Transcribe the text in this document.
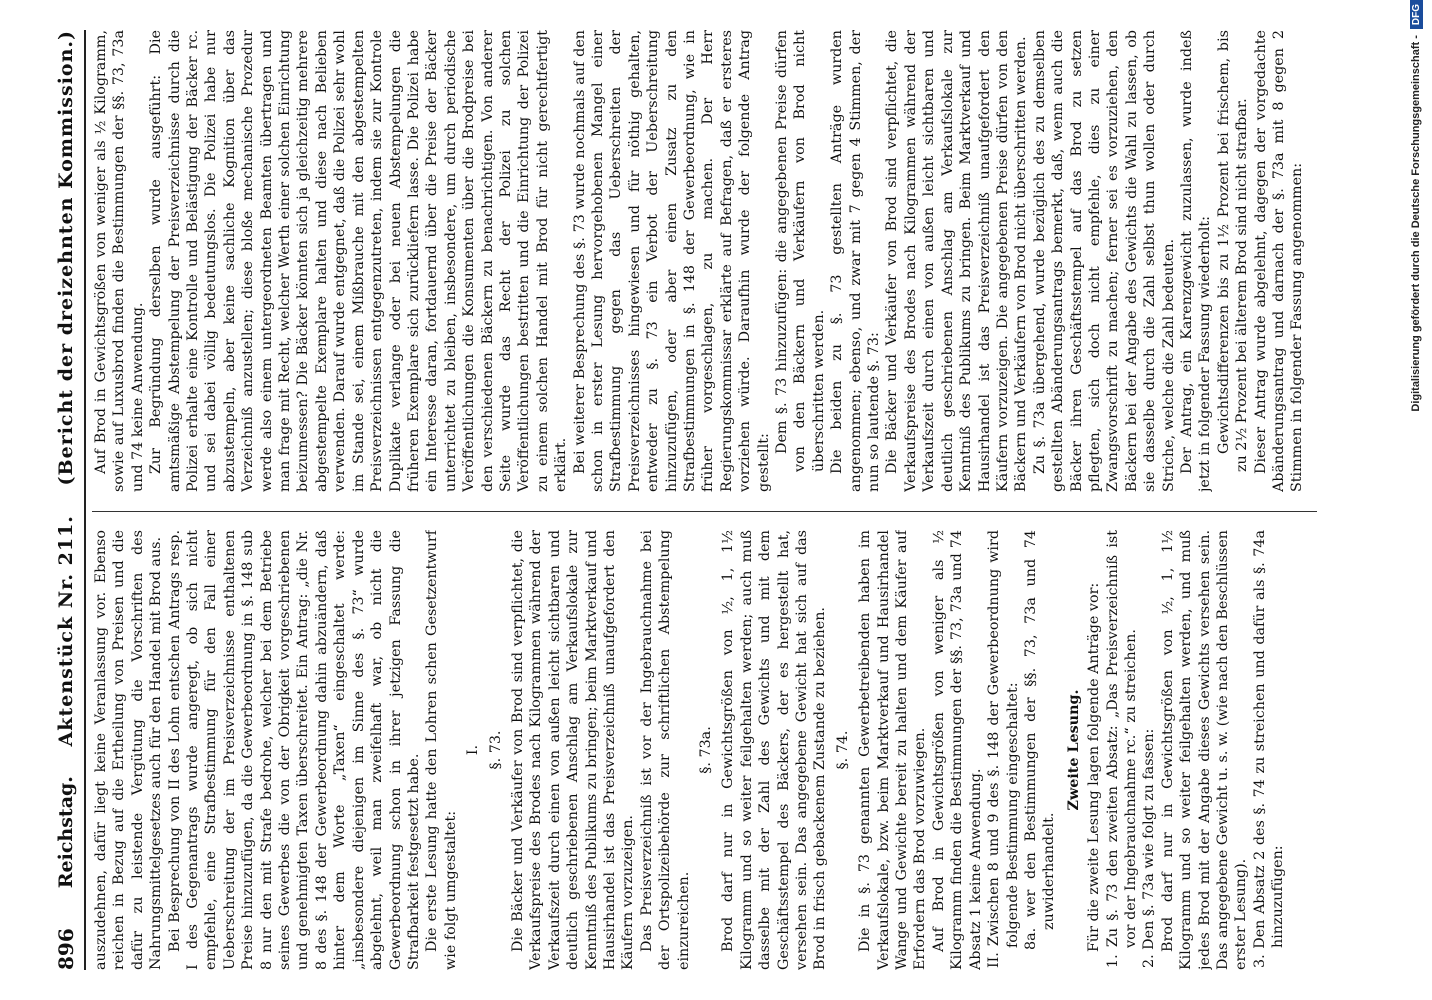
896
Reichstag.
Aktenstück Nr. 211.
(Bericht der dreizehnten Kommission.)

auszudehnen, dafür liegt keine Veranlassung vor. Ebenso reichen in Bezug auf die Ertheilung von Preisen und die dafür zu leistende Vergütung die Vorschriften des Nahrungsmittelgesetzes auch für den Handel mit Brod aus. Bei Besprechung von II des Lohn entschen Antrags resp. I des Gegenantrags wurde angeregt, ob sich nicht empfehle, eine Strafbestimmung für den Fall einer Ueberschreitung der im Preisverzeichnisse enthaltenen Preise hinzuzufügen, da die Gewerbeordnung in §. 148 sub 8 nur den mit Strafe bedrohe, welcher bei dem Betriebe seines Gewerbes die von der Obrigkeit vorgeschriebenen und genehmigten Taxen überschreitet. Ein Antrag: „die Nr. 8 des §. 148 der Gewerbeordnung dahin abzuändern, daß hinter dem Worte „Taxen“ eingeschaltet werde: „insbesondere diejenigen im Sinne des §. 73“ wurde abgelehnt, weil man zweifelhaft war, ob nicht die Gewerbeordnung schon in ihrer jetzigen Fassung die Strafbarkeit festgesetzt habe. Die erste Lesung hatte den Lohren schen Gesetzentwurf wie folgt umgestaltet:

I. §. 73. Die Bäcker und Verkäufer von Brod sind verpflichtet, die Verkaufspreise des Brodes nach Kilogrammen während der Verkaufszeit durch einen von außen leicht sichtbaren und deutlich geschriebenen Anschlag am Verkaufslokale zur Kenntniß des Publikums zu bringen; beim Marktverkauf und Hausirhandel ist das Preisverzeichniß unaufgefordert den Käufern vorzuzeigen. Das Preisverzeichniß ist vor der Ingebrauchnahme bei der Ortspolizeibehörde zur schriftlichen Abstempelung einzureichen.

§. 73a. Brod darf nur in Gewichtsgrößen von ½, 1, 1½ Kilogramm und so weiter feilgehalten werden; auch muß dasselbe mit der Zahl des Gewichts und mit dem Geschäftsstempel des Bäckers, der es hergestellt hat, versehen sein. Das angegebene Gewicht hat sich auf das Brod in frisch gebackenem Zustande zu beziehen. §. 74. Die in §. 73 genannten Gewerbetreibenden haben im Verkaufslokale, bzw. beim Marktverkauf und Hausirhandel Wange und Gewichte bereit zu halten und dem Käufer auf Erfordern das Brod vorzuwiegen. Auf Brod in Gewichtsgrößen von weniger als ½ Kilogramm finden die Bestimmungen der §§. 73, 73a und 74 Absatz 1 keine Anwendung. II. Zwischen 8 und 9 des §. 148 der Gewerbeordnung wird folgende Bestimmung eingeschaltet: 8a. wer den Bestimmungen der §§. 73, 73a und 74 zuwiderhandelt.

Zweite Lesung. Für die zweite Lesung lagen folgende Anträge vor: 1. Zu §. 73 den zweiten Absatz: „Das Preisverzeichniß ist vor der Ingebrauchnahme rc.“ zu streichen. 2. Den §. 73a wie folgt zu fassen: Brod darf nur in Gewichtsgrößen von ½, 1, 1½ Kilogramm und so weiter feilgehalten werden, und muß jedes Brod mit der Angabe dieses Gewichts versehen sein. Das angegebene Gewicht u. s. w. (wie nach den Beschlüssen erster Lesung). 3. Den Absatz 2 des §. 74 zu streichen und dafür als §. 74a hinzuzufügen:

Auf Brod in Gewichtsgrößen von weniger als ½ Kilogramm, sowie auf Luxusbrod finden die Bestimmungen der §§. 73, 73a und 74 keine Anwendung. Zur Begründung derselben wurde ausgeführt: Die amtsmäßige Abstempelung der Preisverzeichnisse durch die Polizei erhalte eine Kontrolle und Belästigung der Bäcker rc. und sei dabei völlig bedeutungslos. Die Polizei habe nur abzustempeln, aber keine sachliche Kognition über das Verzeichniß anzustellen; diese bloße mechanische Prozedur werde also einem untergeordneten Beamten übertragen und man frage mit Recht, welcher Werth einer solchen Einrichtung beizumessen? Die Bäcker könnten sich ja gleichzeitig mehrere abgestempelte Exemplare halten und diese nach Belieben verwenden. Darauf wurde entgegnet, daß die Polizei sehr wohl im Stande sei, einem Mißbrauche mit den abgestempelten Preisverzeichnissen entgegenzutreten, indem sie zur Kontrole Duplikate verlange oder bei neuen Abstempelungen die früheren Exemplare sich zurückliefern lasse. Die Polizei habe ein Interesse daran, fortdauernd über die Preise der Bäcker unterrichtet zu bleiben, insbesondere, um durch periodische Veröffentlichungen die Konsumenten über die Brodpreise bei den verschiedenen Bäckern zu benachrichtigen. Von anderer Seite wurde das Recht der Polizei zu solchen Veröffentlichungen bestritten und die Einrichtung der Polizei zu einem solchen Handel mit Brod für nicht gerechtfertigt erklärt. Bei weiterer Besprechung des §. 73 wurde nochmals auf den schon in erster Lesung hervorgehobenen Mangel einer Strafbestimmung gegen das Ueberschreiten der Preisverzeichnisses hingewiesen und für nöthig gehalten, entweder zu §. 73 ein Verbot der Ueberschreitung hinzuzufügen, oder aber einen Zusatz zu den Strafbestimmungen in §. 148 der Gewerbeordnung, wie in früher vorgeschlagen, zu machen. Der Herr Regierungskommissar erklärte auf Befragen, daß er ersteres vorziehen würde. Daraufhin wurde der folgende Antrag gestellt:

Dem §. 73 hinzuzufügen: die angegebenen Preise dürfen von den Bäckern und Verkäufern von Brod nicht überschritten werden. Die beiden zu §. 73 gestellten Anträge wurden angenommen; ebenso, und zwar mit 7 gegen 4 Stimmen, der nun so lautende §. 73: Die Bäcker und Verkäufer von Brod sind verpflichtet, die Verkaufspreise des Brodes nach Kilogrammen während der Verkaufszeit durch einen von außen leicht sichtbaren und deutlich geschriebenen Anschlag am Verkaufslokale zur Kenntniß des Publikums zu bringen. Beim Marktverkauf und Hausirhandel ist das Preisverzeichniß unaufgefordert den Käufern vorzuzeigen. Die angegebenen Preise dürfen von den Bäckern und Verkäufern von Brod nicht überschritten werden. Zu §. 73a übergehend, wurde bezüglich des zu demselben gestellten Abänderungsantrags bemerkt, daß, wenn auch die Bäcker ihren Geschäftsstempel auf das Brod zu setzen pflegten, sich doch nicht empfehle, dies zu einer Zwangsvorschrift zu machen; ferner sei es vorzuziehen, den Bäckern bei der Angabe des Gewichts die Wahl zu lassen, ob sie dasselbe durch die Zahl selbst thun wollen oder durch Striche, welche die Zahl bedeuten. Der Antrag, ein Karenzgewicht zuzulassen, wurde indeß jetzt in folgender Fassung wiederholt: Gewichtsdifferenzen bis zu 1½ Prozent bei frischem, bis zu 2½ Prozent bei älterem Brod sind nicht strafbar. Dieser Antrag wurde abgelehnt, dagegen der vorgedachte Abänderungsantrag und darnach der §. 73a mit 8 gegen 2 Stimmen in folgender Fassung angenommen:	Digitalisierung gefördert durch die Deutsche Forschungsgemeinschaft -
DFG
